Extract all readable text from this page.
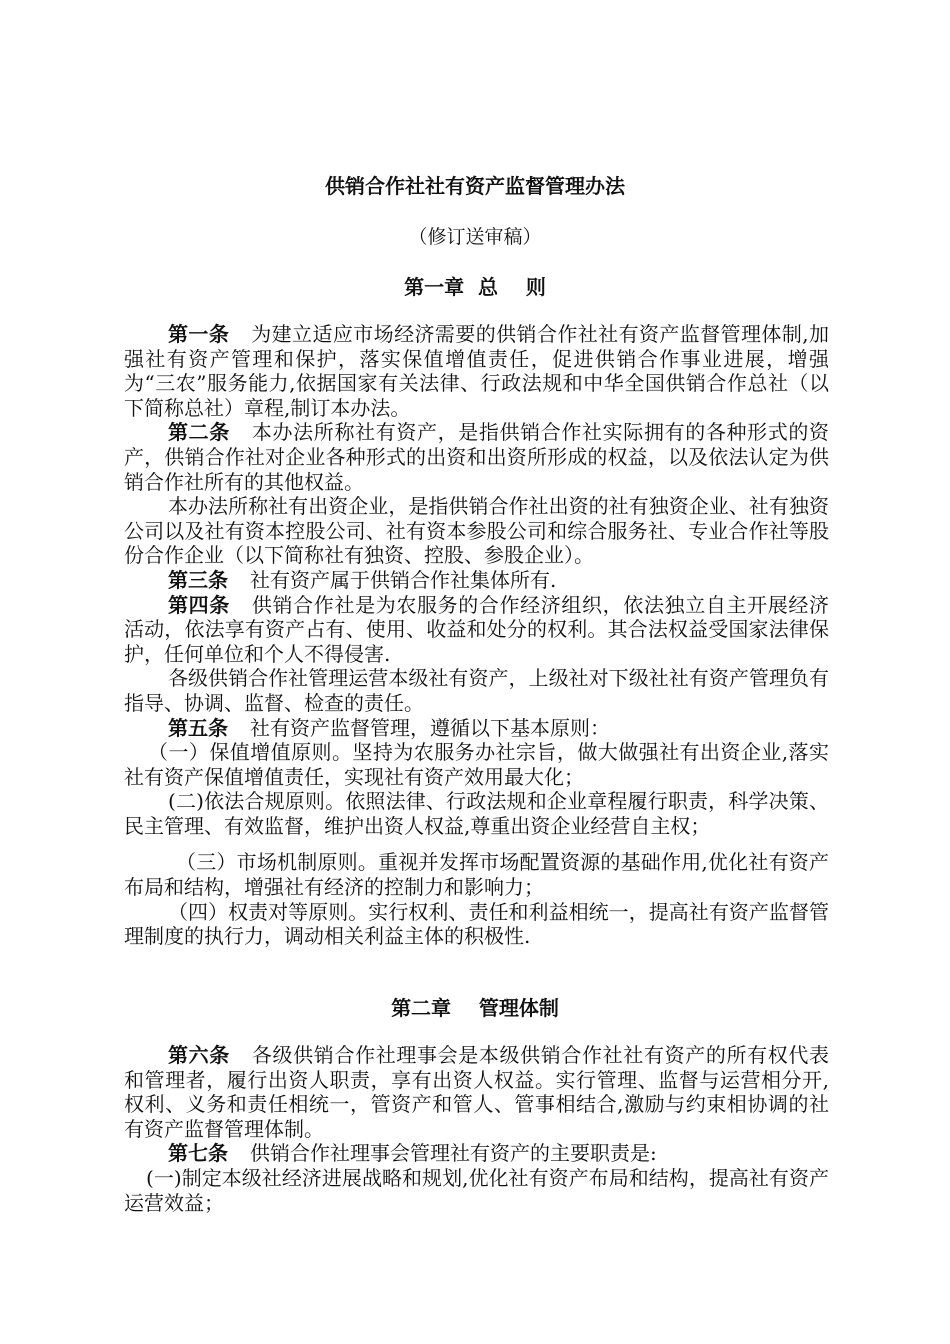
供销合作社社有资产监督管理办法
（修订送审稿）
第一章  总    则

第一条 为建立适应市场经济需要的供销合作社社有资产监督管理体制,加强社有资产管理和保护，落实保值增值责任，促进供销合作事业进展，增强为“三农”服务能力,依据国家有关法律、行政法规和中华全国供销合作总社（以下简称总社）章程,制订本办法。

第二条 本办法所称社有资产，是指供销合作社实际拥有的各种形式的资产，供销合作社对企业各种形式的出资和出资所形成的权益，以及依法认定为供销合作社所有的其他权益。

本办法所称社有出资企业，是指供销合作社出资的社有独资企业、社有独资公司以及社有资本控股公司、社有资本参股公司和综合服务社、专业合作社等股份合作企业（以下简称社有独资、控股、参股企业）。

第三条 社有资产属于供销合作社集体所有.

第四条 供销合作社是为农服务的合作经济组织，依法独立自主开展经济活动，依法享有资产占有、使用、收益和处分的权利。其合法权益受国家法律保护，任何单位和个人不得侵害.

各级供销合作社管理运营本级社有资产，上级社对下级社社有资产管理负有指导、协调、监督、检查的责任。

第五条 社有资产监督管理，遵循以下基本原则：

（一）保值增值原则。坚持为农服务办社宗旨，做大做强社有出资企业,落实社有资产保值增值责任，实现社有资产效用最大化；

(二)依法合规原则。依照法律、行政法规和企业章程履行职责，科学决策、民主管理、有效监督，维护出资人权益,尊重出资企业经营自主权；

（三）市场机制原则。重视并发挥市场配置资源的基础作用,优化社有资产布局和结构，增强社有经济的控制力和影响力；

（四）权责对等原则。实行权利、责任和利益相统一，提高社有资产监督管理制度的执行力，调动相关利益主体的积极性.

第二章    管理体制

第六条 各级供销合作社理事会是本级供销合作社社有资产的所有权代表和管理者，履行出资人职责，享有出资人权益。实行管理、监督与运营相分开,权利、义务和责任相统一，管资产和管人、管事相结合,激励与约束相协调的社有资产监督管理体制。

第七条 供销合作社理事会管理社有资产的主要职责是:

(一)制定本级社经济进展战略和规划,优化社有资产布局和结构，提高社有资产运营效益；
